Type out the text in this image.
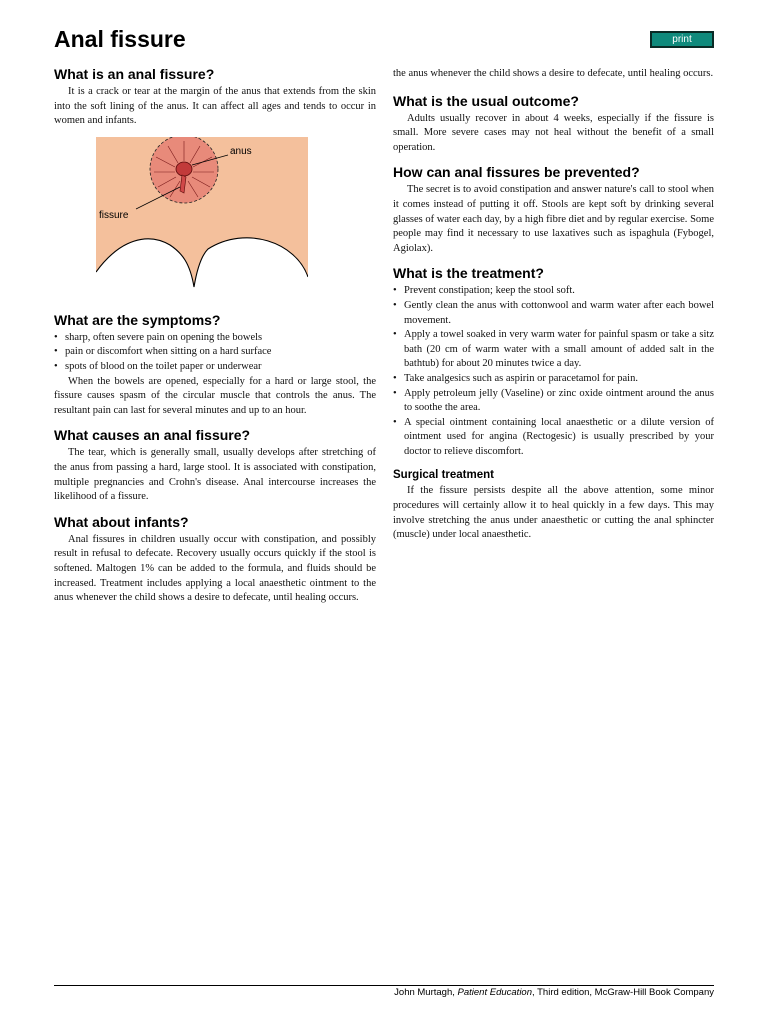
Anal fissure	print
What is an anal fissure?

It is a crack or tear at the margin of the anus that extends from the skin into the soft lining of the anus. It can affect all ages and tends to occur in women and infants.

anus
fissure
What are the symptoms?
• sharp, often severe pain on opening the bowels
• pain or discomfort when sitting on a hard surface
• spots of blood on the toilet paper or underwear

When the bowels are opened, especially for a hard or large stool, the fissure causes spasm of the circular muscle that controls the anus. The resultant pain can last for several minutes and up to an hour.

What causes an anal fissure?

The tear, which is generally small, usually develops after stretching of the anus from passing a hard, large stool. It is associated with constipation, multiple pregnancies and Crohn's disease. Anal intercourse increases the likelihood of a fissure.

What about infants?

Anal fissures in children usually occur with constipation, and possibly result in refusal to defecate. Recovery usually occurs quickly if the stool is softened. Maltogen 1% can be added to the formula, and fluids should be increased. Treatment includes applying a local anaesthetic ointment to the anus whenever the child shows a desire to defecate, until healing occurs.

the anus whenever the child shows a desire to defecate, until healing occurs.

What is the usual outcome?

Adults usually recover in about 4 weeks, especially if the fissure is small. More severe cases may not heal without the benefit of a small operation.

How can anal fissures be prevented?

The secret is to avoid constipation and answer nature's call to stool when it comes instead of putting it off. Stools are kept soft by drinking several glasses of water each day, by a high fibre diet and by regular exercise. Some people may find it necessary to use laxatives such as ispaghula (Fybogel, Agiolax).

What is the treatment?
• Prevent constipation; keep the stool soft.
• Gently clean the anus with cottonwool and warm water after each bowel movement.
• Apply a towel soaked in very warm water for painful spasm or take a sitz bath (20 cm of warm water with a small amount of added salt in the bathtub) for about 20 minutes twice a day.
• Take analgesics such as aspirin or paracetamol for pain.
• Apply petroleum jelly (Vaseline) or zinc oxide ointment around the anus to soothe the area.
• A special ointment containing local anaesthetic or a dilute version of ointment used for angina (Rectogesic) is usually prescribed by your doctor to relieve discomfort.
Surgical treatment

If the fissure persists despite all the above attention, some minor procedures will certainly allow it to heal quickly in a few days. This may involve stretching the anus under anaesthetic or cutting the anal sphincter (muscle) under local anaesthetic.

John Murtagh, Patient Education, Third edition, McGraw-Hill Book Company
